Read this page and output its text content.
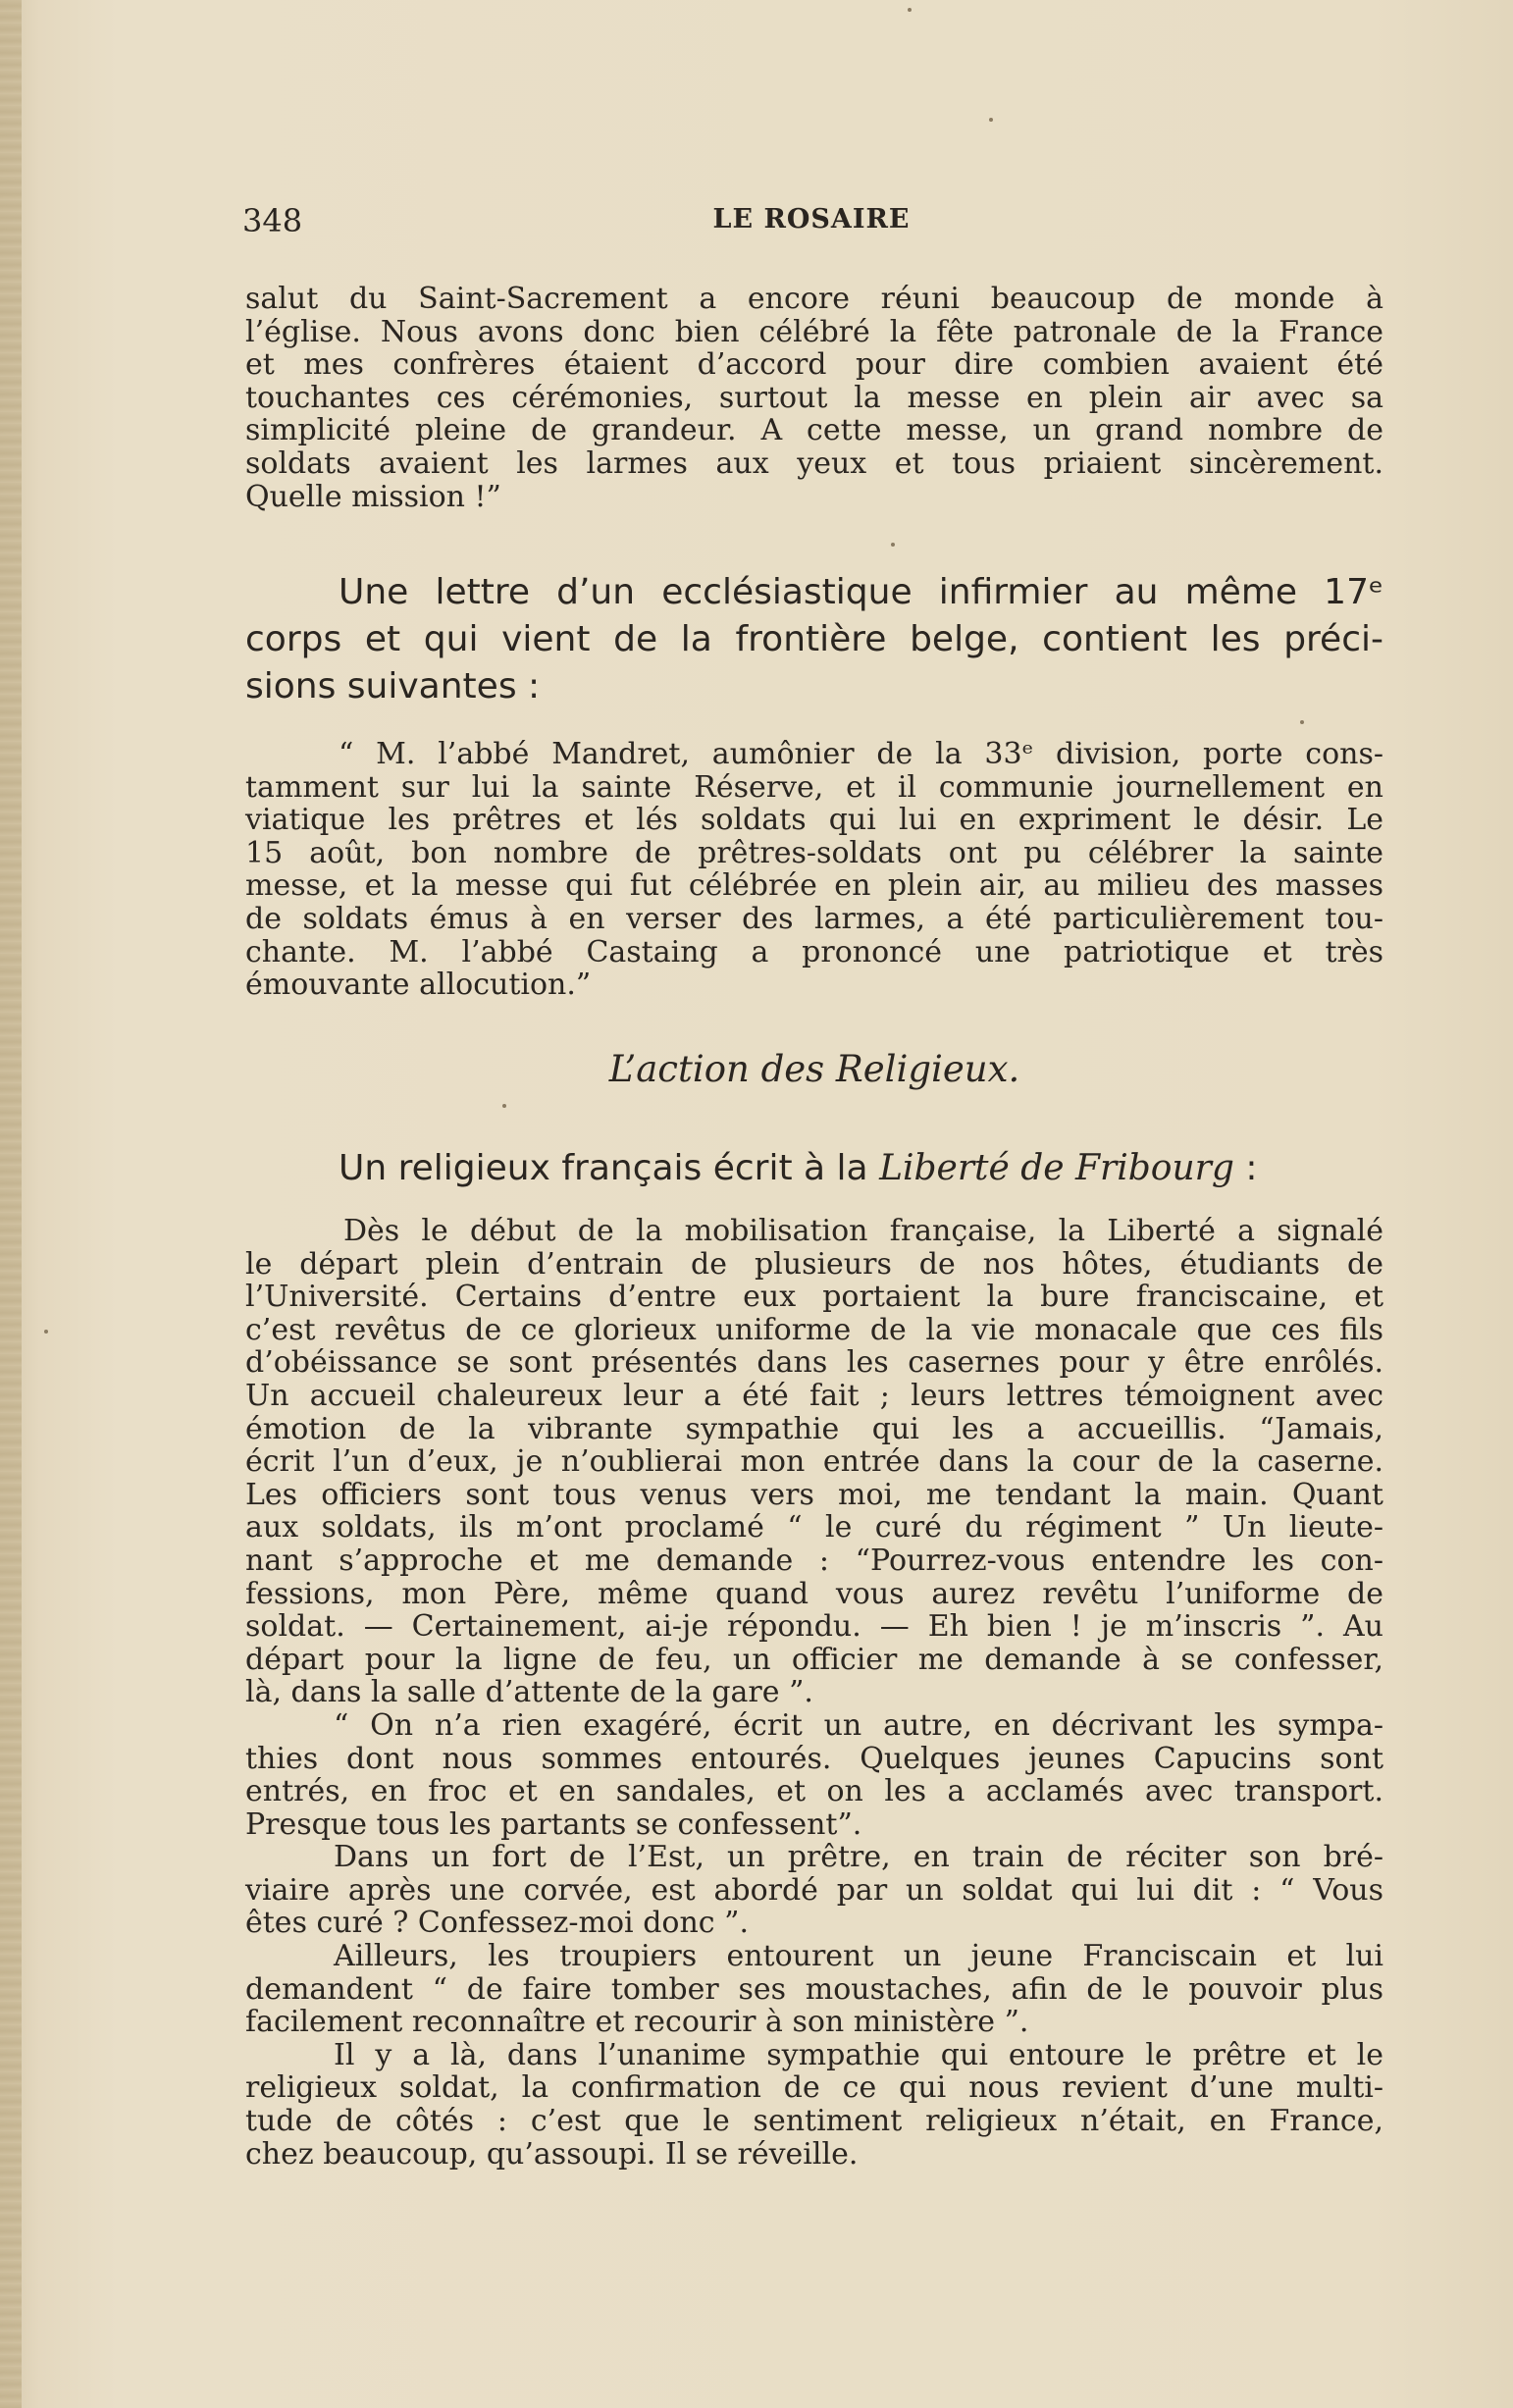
348	LE ROSAIRE
salut du Saint-Sacrement a encore réuni beaucoup de monde à
l’église. Nous avons donc bien célébré la fête patronale de la France
et mes confrères étaient d’accord pour dire combien avaient été
touchantes ces cérémonies, surtout la messe en plein air avec sa
simplicité pleine de grandeur. A cette messe, un grand nombre de
soldats avaient les larmes aux yeux et tous priaient sincèrement.
Quelle mission !”
Une lettre d’un ecclésiastique infirmier au même 17ᵉ
corps et qui vient de la frontière belge, contient les préci-
sions suivantes :
“ M. l’abbé Mandret, aumônier de la 33ᵉ division, porte cons-
tamment sur lui la sainte Réserve, et il communie journellement en
viatique les prêtres et lés soldats qui lui en expriment le désir. Le
15 août, bon nombre de prêtres-soldats ont pu célébrer la sainte
messe, et la messe qui fut célébrée en plein air, au milieu des masses
de soldats émus à en verser des larmes, a été particulièrement tou-
chante. M. l’abbé Castaing a prononcé une patriotique et très
émouvante allocution.”
L’action des Religieux.
Un religieux français écrit à la Liberté de Fribourg :
Dès le début de la mobilisation française, la Liberté a signalé
le départ plein d’entrain de plusieurs de nos hôtes, étudiants de
l’Université. Certains d’entre eux portaient la bure franciscaine, et
c’est revêtus de ce glorieux uniforme de la vie monacale que ces fils
d’obéissance se sont présentés dans les casernes pour y être enrôlés.
Un accueil chaleureux leur a été fait ; leurs lettres témoignent avec
émotion de la vibrante sympathie qui les a accueillis. “Jamais,
écrit l’un d’eux, je n’oublierai mon entrée dans la cour de la caserne.
Les officiers sont tous venus vers moi, me tendant la main. Quant
aux soldats, ils m’ont proclamé “ le curé du régiment ” Un lieute-
nant s’approche et me demande : “Pourrez-vous entendre les con-
fessions, mon Père, même quand vous aurez revêtu l’uniforme de
soldat. — Certainement, ai-je répondu. — Eh bien ! je m’inscris ”. Au
départ pour la ligne de feu, un officier me demande à se confesser,
là, dans la salle d’attente de la gare ”.
“ On n’a rien exagéré, écrit un autre, en décrivant les sympa-
thies dont nous sommes entourés. Quelques jeunes Capucins sont
entrés, en froc et en sandales, et on les a acclamés avec transport.
Presque tous les partants se confessent”.
Dans un fort de l’Est, un prêtre, en train de réciter son bré-
viaire après une corvée, est abordé par un soldat qui lui dit : “ Vous
êtes curé ? Confessez-moi donc ”.
Ailleurs, les troupiers entourent un jeune Franciscain et lui
demandent “ de faire tomber ses moustaches, afin de le pouvoir plus
facilement reconnaître et recourir à son ministère ”.
Il y a là, dans l’unanime sympathie qui entoure le prêtre et le
religieux soldat, la confirmation de ce qui nous revient d’une multi-
tude de côtés : c’est que le sentiment religieux n’était, en France,
chez beaucoup, qu’assoupi. Il se réveille.
